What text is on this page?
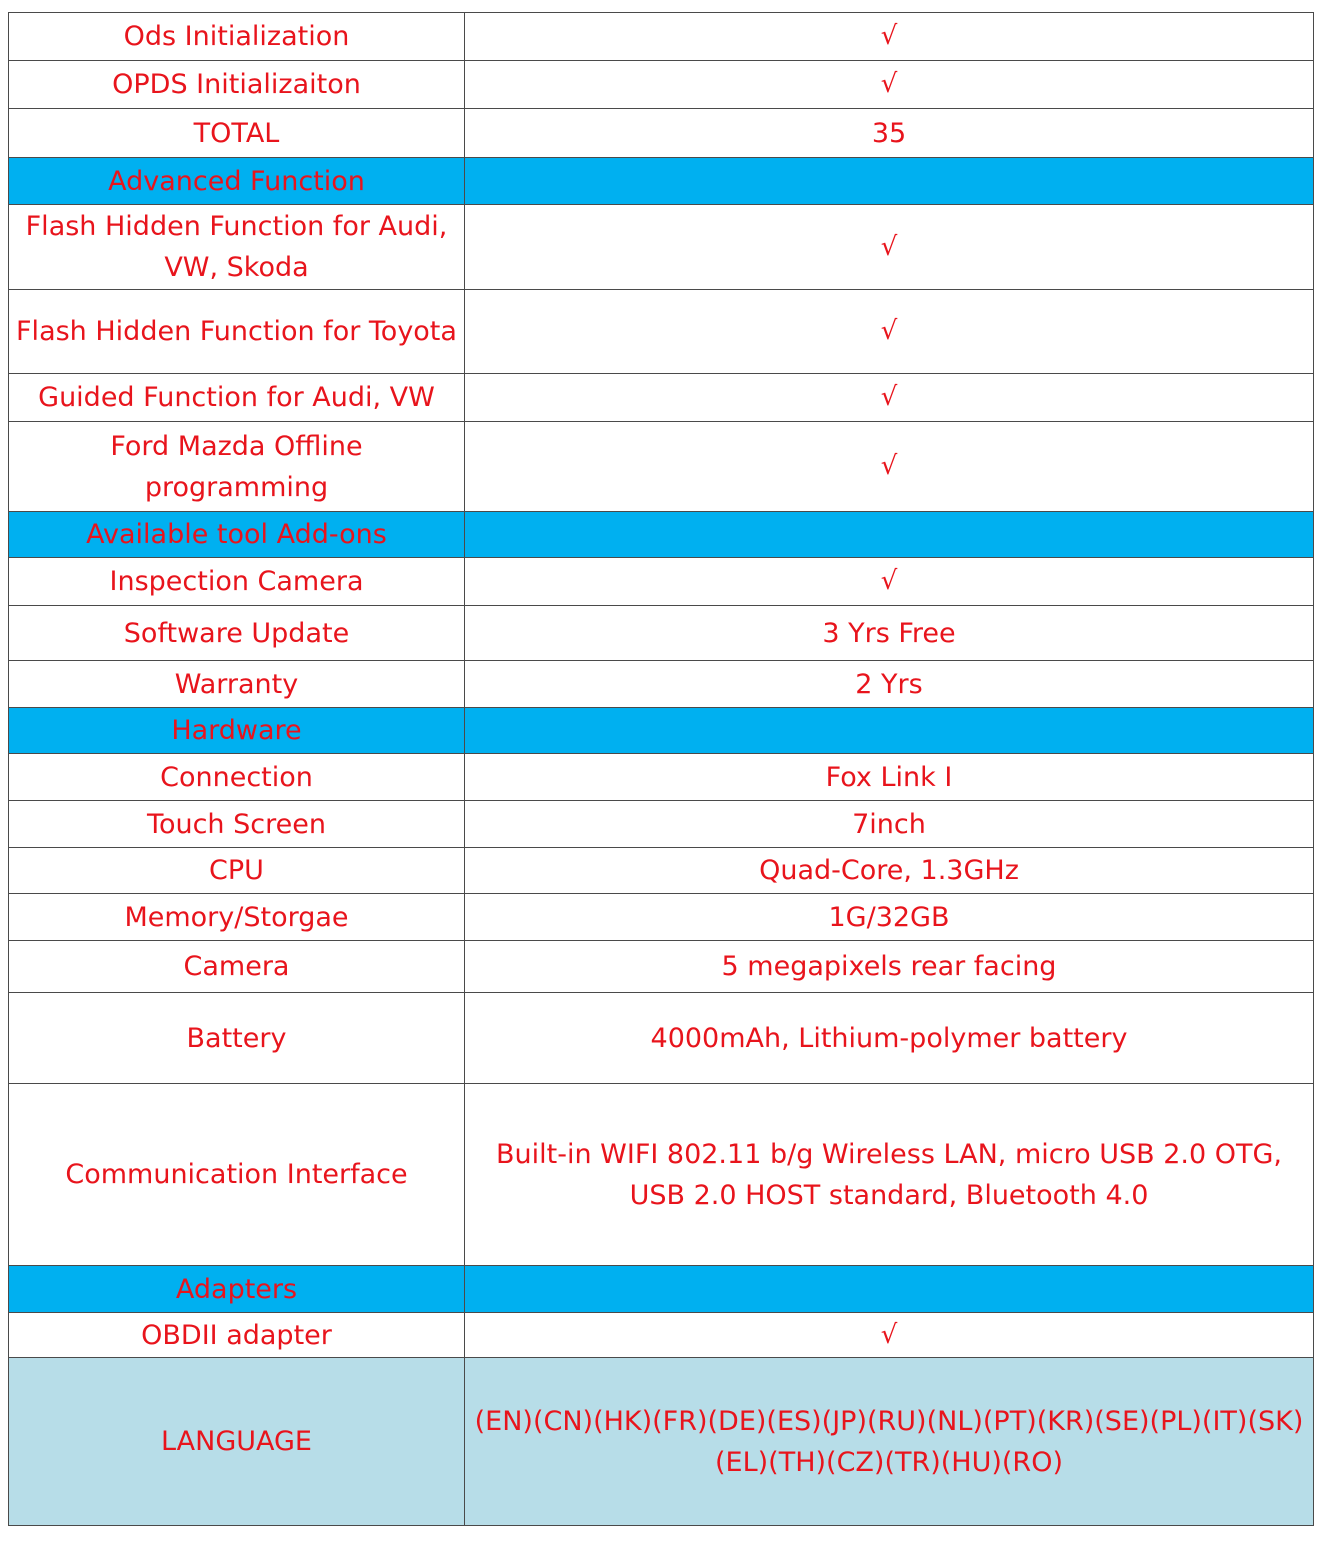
Ods Initialization	√
OPDS Initializaiton	√
TOTAL	35
Advanced Function	
Flash Hidden Function for Audi, VW, Skoda	√
Flash Hidden Function for Toyota	√
Guided Function for Audi, VW	√
Ford Mazda Offline programming	√
Available tool Add-ons	
Inspection Camera	√
Software Update	3 Yrs Free
Warranty	2 Yrs
Hardware	
Connection	Fox Link I
Touch Screen	7inch
CPU	Quad-Core, 1.3GHz
Memory/Storgae	1G/32GB
Camera	5 megapixels rear facing
Battery	4000mAh, Lithium-polymer battery
Communication Interface	Built-in WIFI 802.11 b/g Wireless LAN, micro USB 2.0 OTG, USB 2.0 HOST standard, Bluetooth 4.0
Adapters	
OBDII adapter	√
LANGUAGE	(EN)(CN)(HK)(FR)(DE)(ES)(JP)(RU)(NL)(PT)(KR)(SE)(PL)(IT)(SK)(EL)(TH)(CZ)(TR)(HU)(RO)
